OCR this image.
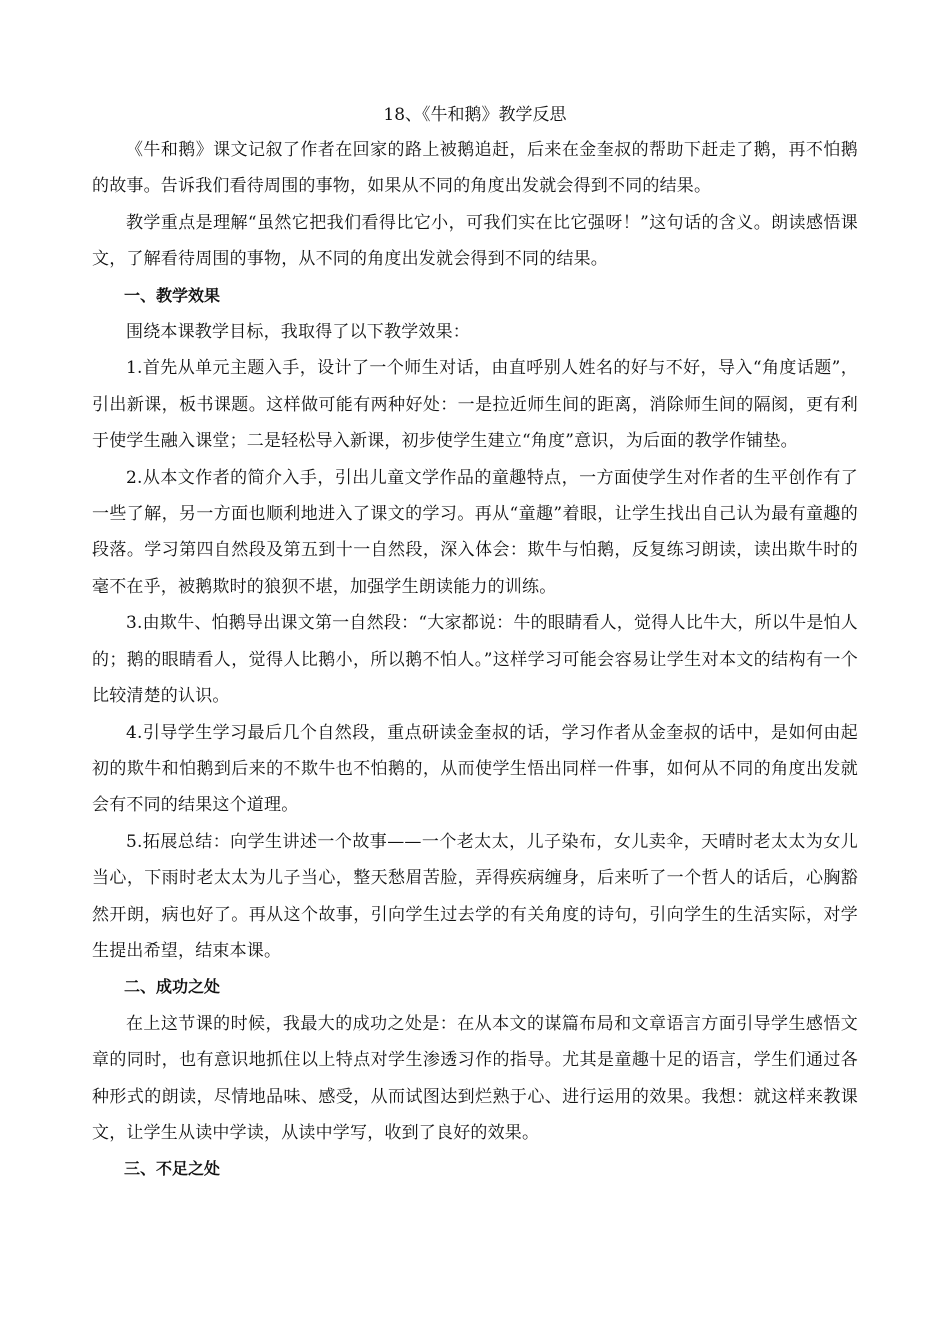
18、《牛和鹅》教学反思

《牛和鹅》课文记叙了作者在回家的路上被鹅追赶，后来在金奎叔的帮助下赶走了鹅，再不怕鹅的故事。告诉我们看待周围的事物，如果从不同的角度出发就会得到不同的结果。

教学重点是理解“虽然它把我们看得比它小，可我们实在比它强呀！”这句话的含义。朗读感悟课文，了解看待周围的事物，从不同的角度出发就会得到不同的结果。

一、教学效果

围绕本课教学目标，我取得了以下教学效果：

1.首先从单元主题入手，设计了一个师生对话，由直呼别人姓名的好与不好，导入“角度话题”，引出新课，板书课题。这样做可能有两种好处：一是拉近师生间的距离，消除师生间的隔阂，更有利于使学生融入课堂；二是轻松导入新课，初步使学生建立“角度”意识，为后面的教学作铺垫。

2.从本文作者的简介入手，引出儿童文学作品的童趣特点，一方面使学生对作者的生平创作有了一些了解，另一方面也顺利地进入了课文的学习。再从“童趣”着眼，让学生找出自己认为最有童趣的段落。学习第四自然段及第五到十一自然段，深入体会：欺牛与怕鹅，反复练习朗读，读出欺牛时的毫不在乎，被鹅欺时的狼狈不堪，加强学生朗读能力的训练。

3.由欺牛、怕鹅导出课文第一自然段：“大家都说：牛的眼睛看人，觉得人比牛大，所以牛是怕人的；鹅的眼睛看人，觉得人比鹅小，所以鹅不怕人。”这样学习可能会容易让学生对本文的结构有一个比较清楚的认识。

4.引导学生学习最后几个自然段，重点研读金奎叔的话，学习作者从金奎叔的话中，是如何由起初的欺牛和怕鹅到后来的不欺牛也不怕鹅的，从而使学生悟出同样一件事，如何从不同的角度出发就会有不同的结果这个道理。

5.拓展总结：向学生讲述一个故事——一个老太太，儿子染布，女儿卖伞，天晴时老太太为女儿当心，下雨时老太太为儿子当心，整天愁眉苦脸，弄得疾病缠身，后来听了一个哲人的话后，心胸豁然开朗，病也好了。再从这个故事，引向学生过去学的有关角度的诗句，引向学生的生活实际，对学生提出希望，结束本课。

二、成功之处

在上这节课的时候，我最大的成功之处是：在从本文的谋篇布局和文章语言方面引导学生感悟文章的同时，也有意识地抓住以上特点对学生渗透习作的指导。尤其是童趣十足的语言，学生们通过各种形式的朗读，尽情地品味、感受，从而试图达到烂熟于心、进行运用的效果。我想：就这样来教课文，让学生从读中学读，从读中学写，收到了良好的效果。

三、不足之处
